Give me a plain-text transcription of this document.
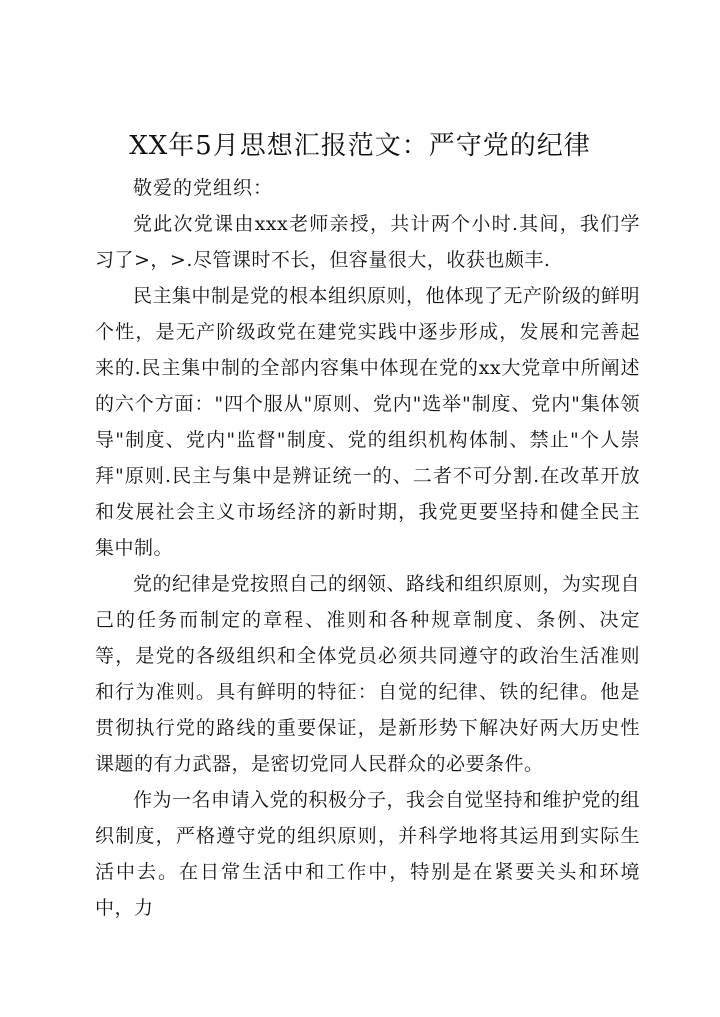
XX年5月思想汇报范文：严守党的纪律

敬爱的党组织：

党此次党课由xxx老师亲授，共计两个小时.其间，我们学习了>，>.尽管课时不长，但容量很大，收获也颇丰.

民主集中制是党的根本组织原则，他体现了无产阶级的鲜明个性，是无产阶级政党在建党实践中逐步形成，发展和完善起来的.民主集中制的全部内容集中体现在党的xx大党章中所阐述的六个方面："四个服从"原则、党内"选举"制度、党内"集体领导"制度、党内"监督"制度、党的组织机构体制、禁止"个人崇拜"原则.民主与集中是辨证统一的、二者不可分割.在改革开放和发展社会主义市场经济的新时期，我党更要坚持和健全民主集中制。

党的纪律是党按照自己的纲领、路线和组织原则，为实现自己的任务而制定的章程、准则和各种规章制度、条例、决定等，是党的各级组织和全体党员必须共同遵守的政治生活准则和行为准则。具有鲜明的特征：自觉的纪律、铁的纪律。他是贯彻执行党的路线的重要保证，是新形势下解决好两大历史性课题的有力武器，是密切党同人民群众的必要条件。

作为一名申请入党的积极分子，我会自觉坚持和维护党的组织制度，严格遵守党的组织原则，并科学地将其运用到实际生活中去。在日常生活中和工作中，特别是在紧要关头和环境中，力
